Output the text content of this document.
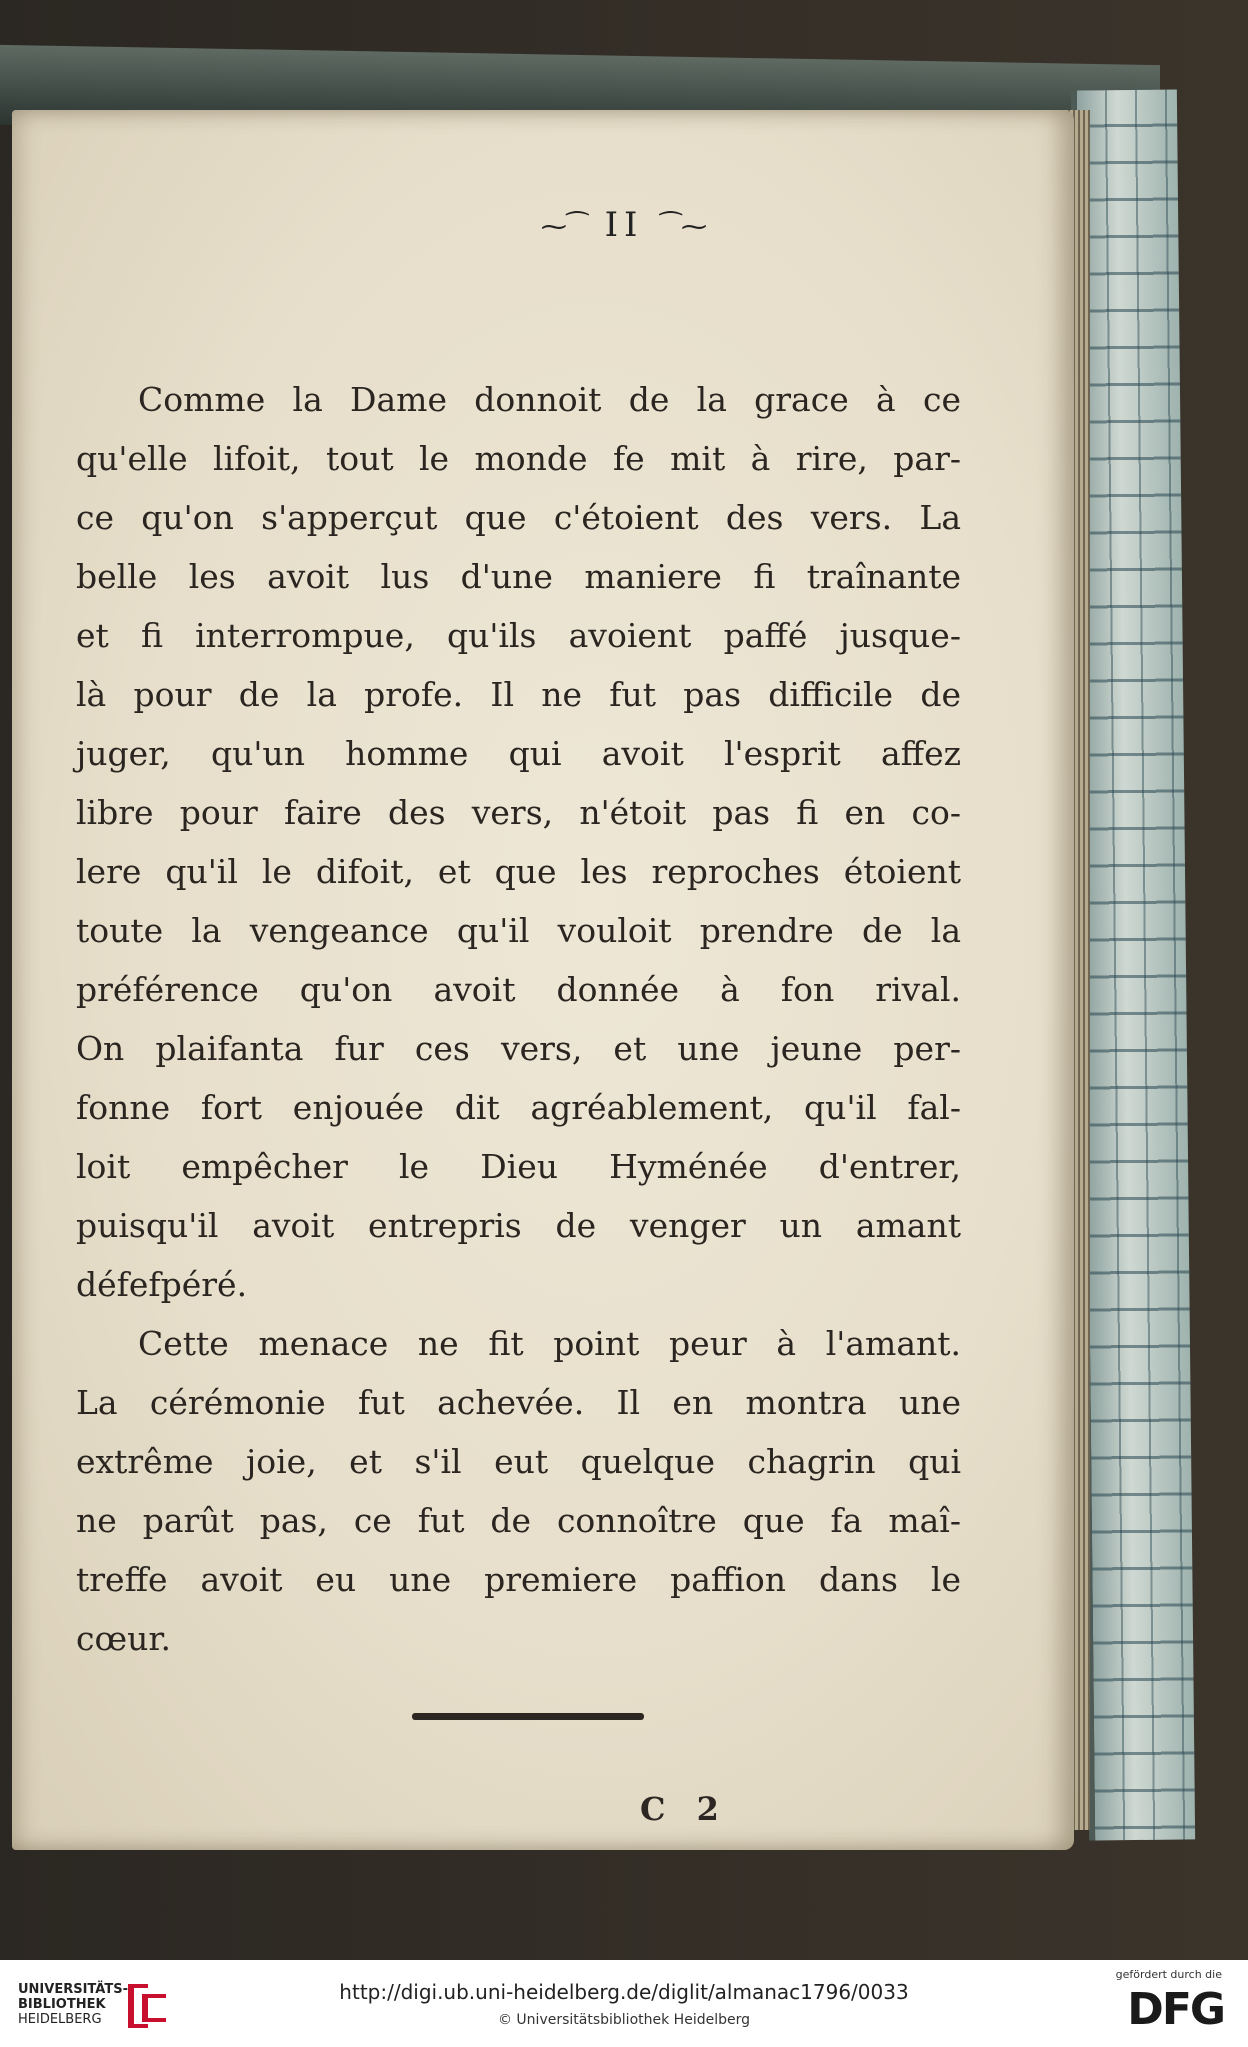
⁓⁀ II ⁀⁓
Comme la Dame donnoit de la grace à ce
qu'elle lifoit, tout le monde fe mit à rire, par-
ce qu'on s'apperçut que c'étoient des vers. La
belle les avoit lus d'une maniere fi traînante
et fi interrompue, qu'ils avoient paffé jusque-
là pour de la profe. Il ne fut pas difficile de
juger, qu'un homme qui avoit l'esprit affez
libre pour faire des vers, n'étoit pas fi en co-
lere qu'il le difoit, et que les reproches étoient
toute la vengeance qu'il vouloit prendre de la
préférence qu'on avoit donnée à fon rival.
On plaifanta fur ces vers, et une jeune per-
fonne fort enjouée dit agréablement, qu'il fal-
loit empêcher le Dieu Hyménée d'entrer,
puisqu'il avoit entrepris de venger un amant
défefpéré.
Cette menace ne fit point peur à l'amant.
La cérémonie fut achevée. Il en montra une
extrême joie, et s'il eut quelque chagrin qui
ne parût pas, ce fut de connoître que fa maî-
treffe avoit eu une premiere paffion dans le
cœur.
C 2
UNIVERSITÄTS-
BIBLIOTHEK
HEIDELBERG
http://digi.ub.uni-heidelberg.de/diglit/almanac1796/0033
© Universitätsbibliothek Heidelberg
gefördert durch die
DFG
